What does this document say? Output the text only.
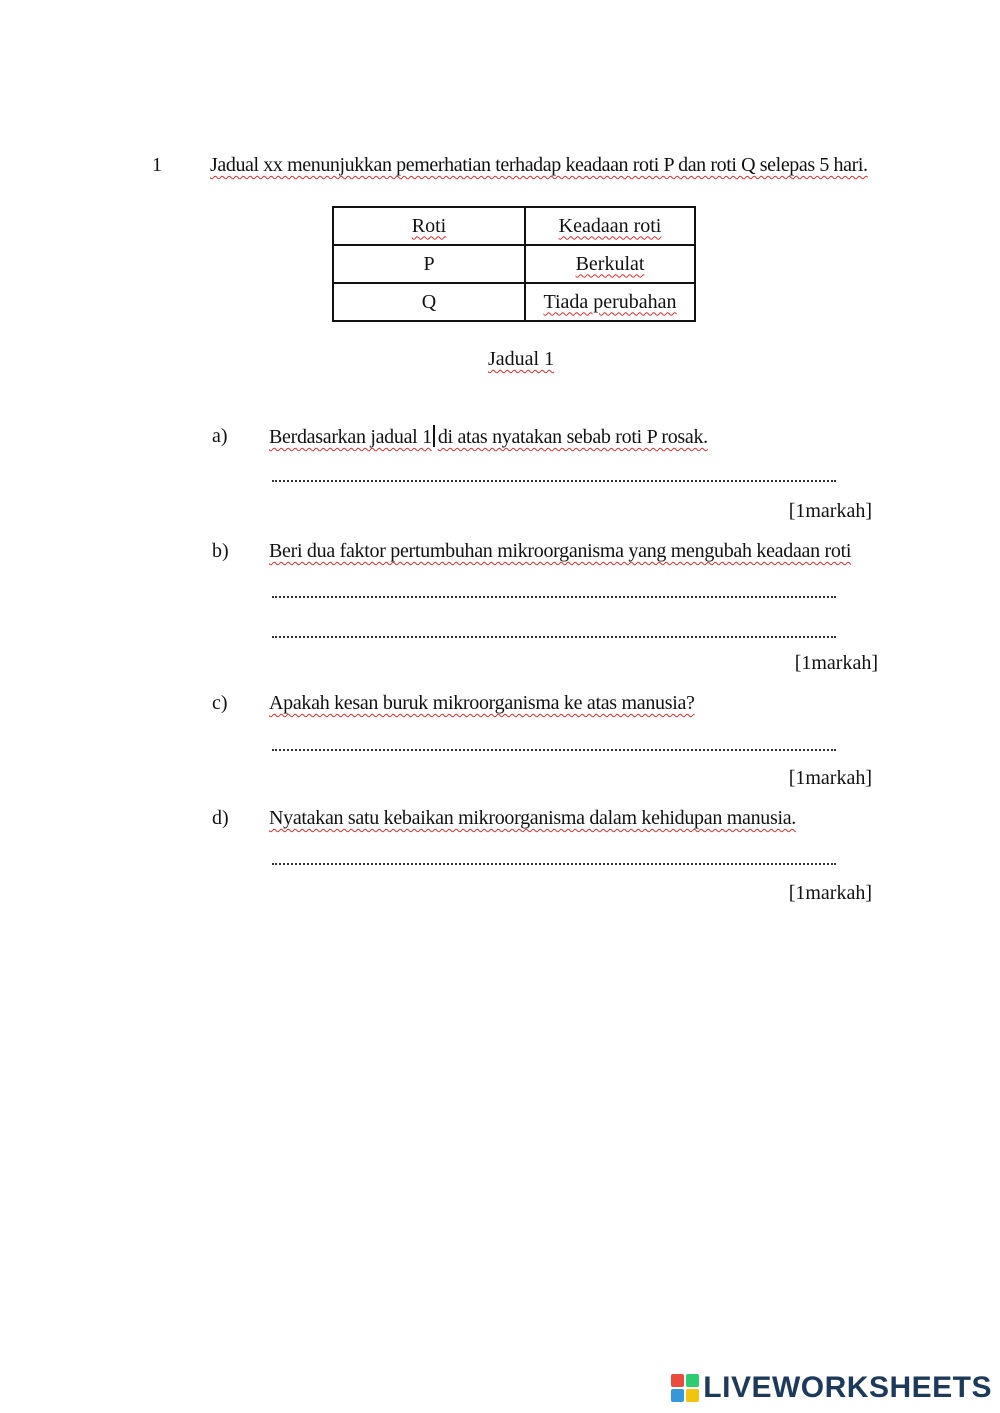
1 Jadual xx menunjukkan pemerhatian terhadap keadaan roti P dan roti Q selepas 5 hari.
Roti	Keadaan roti
P	Berkulat
Q	Tiada perubahan
Jadual 1
a) Berdasarkan jadual 1 di atas nyatakan sebab roti P rosak.
[1markah]
b) Beri dua faktor pertumbuhan mikroorganisma yang mengubah keadaan roti
[1markah]
c) Apakah kesan buruk mikroorganisma ke atas manusia?
[1markah]
d) Nyatakan satu kebaikan mikroorganisma dalam kehidupan manusia.
[1markah]
LIVEWORKSHEETS
